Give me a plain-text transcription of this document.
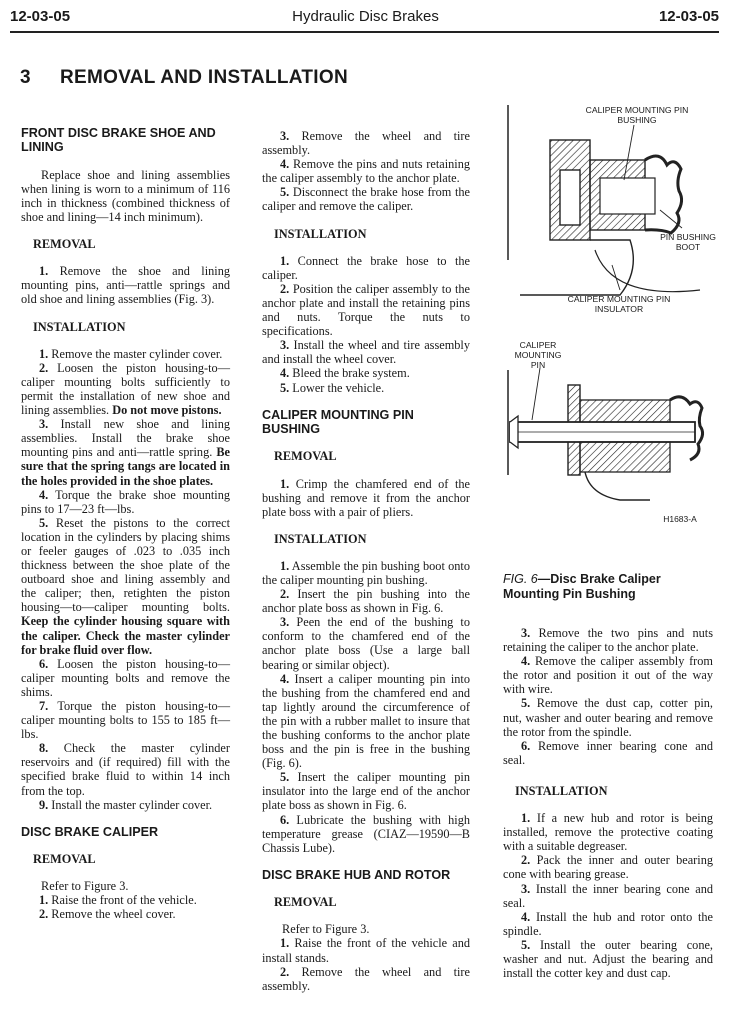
12-03-05	Hydraulic Disc Brakes	12-03-05
3 REMOVAL AND INSTALLATION
FRONT DISC BRAKE SHOE AND LINING

Replace shoe and lining assemblies when lining is worn to a minimum of 116 inch in thickness (combined thickness of shoe and lining—14 inch minimum).

REMOVAL

1. Remove the shoe and lining mounting pins, anti—rattle springs and old shoe and lining assemblies (Fig. 3).

INSTALLATION

1. Remove the master cylinder cover.

2. Loosen the piston housing-to—caliper mounting bolts sufficiently to permit the installation of new shoe and lining assemblies. Do not move pistons.

3. Install new shoe and lining assemblies. Install the brake shoe mounting pins and anti—rattle spring. Be sure that the spring tangs are located in the holes provided in the shoe plates.

4. Torque the brake shoe mounting pins to 17—23 ft—lbs.

5. Reset the pistons to the correct location in the cylinders by placing shims or feeler gauges of .023 to .035 inch thickness between the shoe plate of the outboard shoe and lining assembly and the caliper; then, retighten the piston housing—to—caliper mounting bolts. Keep the cylinder housing square with the caliper. Check the master cylinder for brake fluid over flow.

6. Loosen the piston housing-to—caliper mounting bolts and remove the shims.

7. Torque the piston housing-to—caliper mounting bolts to 155 to 185 ft—lbs.

8. Check the master cylinder reservoirs and (if required) fill with the specified brake fluid to within 14 inch from the top.

9. Install the master cylinder cover.

DISC BRAKE CALIPER
REMOVAL

Refer to Figure 3.

1. Raise the front of the vehicle.

2. Remove the wheel cover.

3. Remove the wheel and tire assembly.

4. Remove the pins and nuts retaining the caliper assembly to the anchor plate.

5. Disconnect the brake hose from the caliper and remove the caliper.

INSTALLATION

1. Connect the brake hose to the caliper.

2. Position the caliper assembly to the anchor plate and install the retaining pins and nuts. Torque the nuts to specifications.

3. Install the wheel and tire assembly and install the wheel cover.

4. Bleed the brake system.

5. Lower the vehicle.

CALIPER MOUNTING PIN BUSHING
REMOVAL

1. Crimp the chamfered end of the bushing and remove it from the anchor plate boss with a pair of pliers.

INSTALLATION

1. Assemble the pin bushing boot onto the caliper mounting pin bushing.

2. Insert the pin bushing into the anchor plate boss as shown in Fig. 6.

3. Peen the end of the bushing to conform to the chamfered end of the anchor plate boss (Use a large ball bearing or similar object).

4. Insert a caliper mounting pin into the bushing from the chamfered end and tap lightly around the circumference of the pin with a rubber mallet to insure that the bushing conforms to the anchor plate boss and the pin is free in the bushing (Fig. 6).

5. Insert the caliper mounting pin insulator into the large end of the anchor plate boss as shown in Fig. 6.

6. Lubricate the bushing with high temperature grease (CIAZ—19590—B Chassis Lube).

DISC BRAKE HUB AND ROTOR
REMOVAL

Refer to Figure 3.

1. Raise the front of the vehicle and install stands.

2. Remove the wheel and tire assembly.

CALIPER MOUNTING PIN BUSHING
PIN BUSHING BOOT
CALIPER MOUNTING PIN INSULATOR
CALIPER MOUNTING PIN
H1683-A
FIG. 6—Disc Brake Caliper Mounting Pin Bushing

3. Remove the two pins and nuts retaining the caliper to the anchor plate.

4. Remove the caliper assembly from the rotor and position it out of the way with wire.

5. Remove the dust cap, cotter pin, nut, washer and outer bearing and remove the rotor from the spindle.

6. Remove inner bearing cone and seal.

INSTALLATION

1. If a new hub and rotor is being installed, remove the protective coating with a suitable degreaser.

2. Pack the inner and outer bearing cone with bearing grease.

3. Install the inner bearing cone and seal.

4. Install the hub and rotor onto the spindle.

5. Install the outer bearing cone, washer and nut. Adjust the bearing and install the cotter key and dust cap.
